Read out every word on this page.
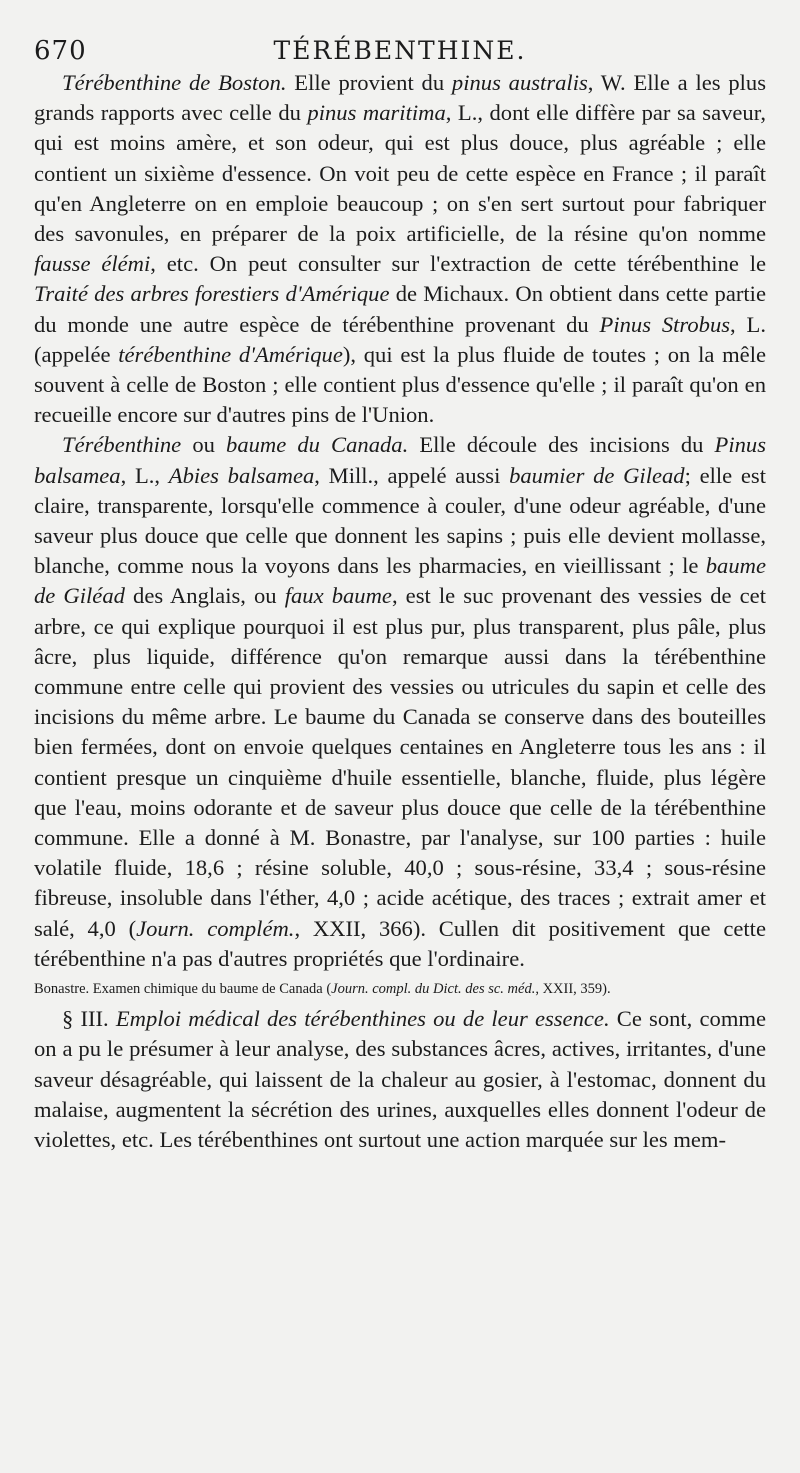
670	TÉRÉBENTHINE.

Térébenthine de Boston. Elle provient du pinus australis, W. Elle a les plus grands rapports avec celle du pinus maritima, L., dont elle diffère par sa saveur, qui est moins amère, et son odeur, qui est plus douce, plus agréable ; elle contient un sixième d'essence. On voit peu de cette espèce en France ; il paraît qu'en Angleterre on en emploie beaucoup ; on s'en sert surtout pour fabriquer des savonules, en préparer de la poix artificielle, de la résine qu'on nomme fausse élémi, etc. On peut consulter sur l'extraction de cette térébenthine le Traité des arbres forestiers d'Amérique de Michaux. On obtient dans cette partie du monde une autre espèce de térébenthine provenant du Pinus Strobus, L. (appelée térébenthine d'Amérique), qui est la plus fluide de toutes ; on la mêle souvent à celle de Boston ; elle contient plus d'essence qu'elle ; il paraît qu'on en recueille encore sur d'autres pins de l'Union.

Térébenthine ou baume du Canada. Elle découle des incisions du Pinus balsamea, L., Abies balsamea, Mill., appelé aussi baumier de Gilead; elle est claire, transparente, lorsqu'elle commence à couler, d'une odeur agréable, d'une saveur plus douce que celle que donnent les sapins ; puis elle devient mollasse, blanche, comme nous la voyons dans les pharmacies, en vieillissant ; le baume de Giléad des Anglais, ou faux baume, est le suc provenant des vessies de cet arbre, ce qui explique pourquoi il est plus pur, plus transparent, plus pâle, plus âcre, plus liquide, différence qu'on remarque aussi dans la térébenthine commune entre celle qui provient des vessies ou utricules du sapin et celle des incisions du même arbre. Le baume du Canada se conserve dans des bouteilles bien fermées, dont on envoie quelques centaines en Angleterre tous les ans : il contient presque un cinquième d'huile essentielle, blanche, fluide, plus légère que l'eau, moins odorante et de saveur plus douce que celle de la térébenthine commune. Elle a donné à M. Bonastre, par l'analyse, sur 100 parties : huile volatile fluide, 18,6 ; résine soluble, 40,0 ; sous-résine, 33,4 ; sous-résine fibreuse, insoluble dans l'éther, 4,0 ; acide acétique, des traces ; extrait amer et salé, 4,0 (Journ. complém., XXII, 366). Cullen dit positivement que cette térébenthine n'a pas d'autres propriétés que l'ordinaire.

Bonastre. Examen chimique du baume de Canada (Journ. compl. du Dict. des sc. méd., XXII, 359).

§ III. Emploi médical des térébenthines ou de leur essence. Ce sont, comme on a pu le présumer à leur analyse, des substances âcres, actives, irritantes, d'une saveur désagréable, qui laissent de la chaleur au gosier, à l'estomac, donnent du malaise, augmentent la sécrétion des urines, auxquelles elles donnent l'odeur de violettes, etc. Les térébenthines ont surtout une action marquée sur les mem-
